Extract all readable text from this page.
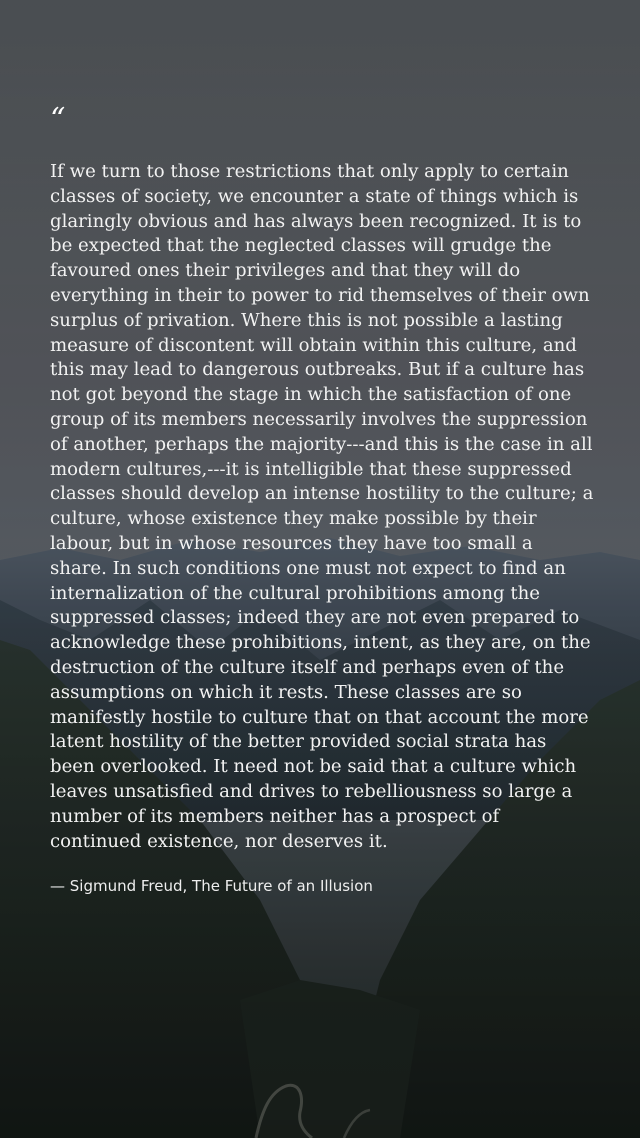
“

If we turn to those restrictions that only apply to certain classes of society, we encounter a state of things which is glaringly obvious and has always been recognized. It is to be expected that the neglected classes will grudge the favoured ones their privileges and that they will do everything in their to power to rid themselves of their own surplus of privation. Where this is not possible a lasting measure of discontent will obtain within this culture, and this may lead to dangerous outbreaks. But if a culture has not got beyond the stage in which the satisfaction of one group of its members necessarily involves the suppression of another, perhaps the majority---and this is the case in all modern cultures,---it is intelligible that these suppressed classes should develop an intense hostility to the culture; a culture, whose existence they make possible by their labour, but in whose resources they have too small a share. In such conditions one must not expect to find an internalization of the cultural prohibitions among the suppressed classes; indeed they are not even prepared to acknowledge these prohibitions, intent, as they are, on the destruction of the culture itself and perhaps even of the assumptions on which it rests. These classes are so manifestly hostile to culture that on that account the more latent hostility of the better provided social strata has been overlooked. It need not be said that a culture which leaves unsatisfied and drives to rebelliousness so large a number of its members neither has a prospect of continued existence, nor deserves it.

— Sigmund Freud, The Future of an Illusion
